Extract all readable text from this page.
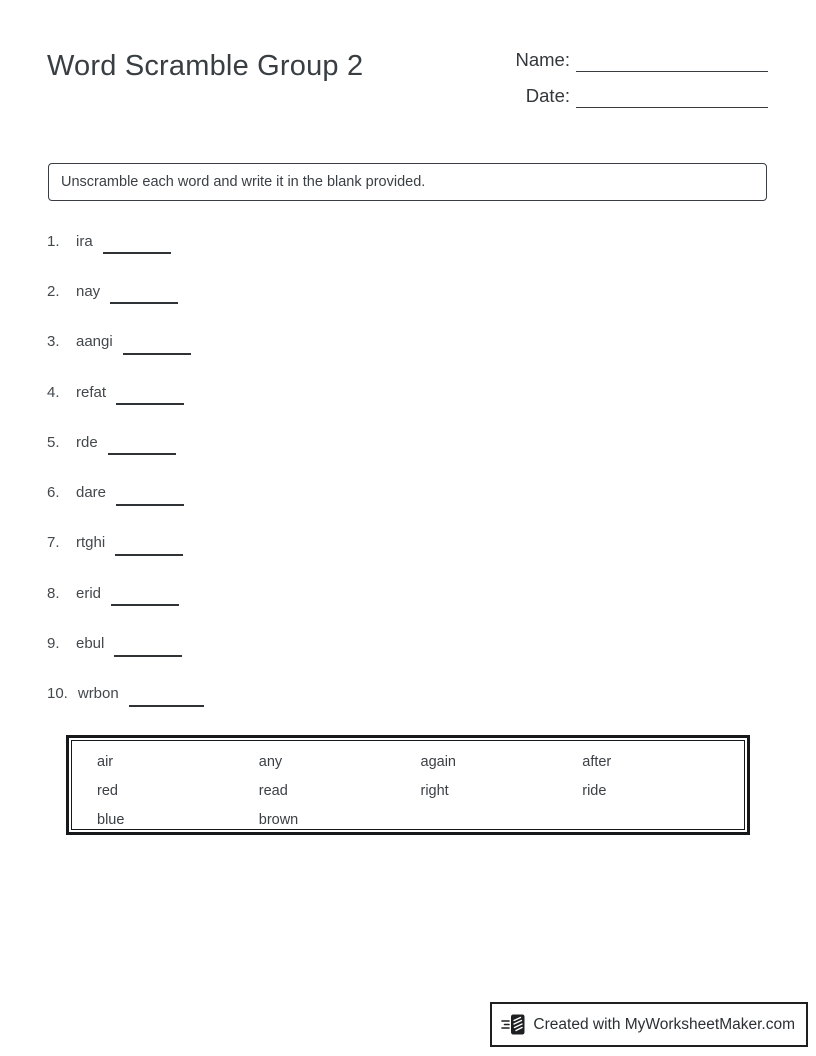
Word Scramble Group 2	Name:
Date:
Unscramble each word and write it in the blank provided.
1.	ira
2.	nay
3.	aangi
4.	refat
5.	rde
6.	dare
7.	rtghi
8.	erid
9.	ebul
10. wrbon
air	any	again	after
red	read	right	ride
blue	brown
Created with MyWorksheetMaker.com
